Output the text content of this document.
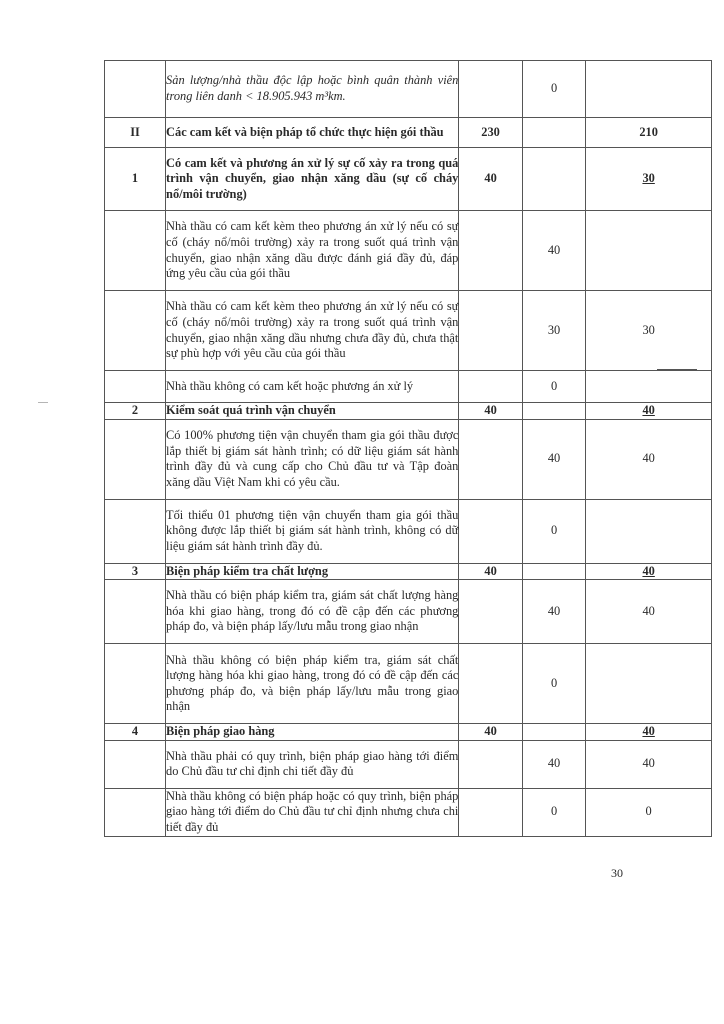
	Sản lượng/nhà thầu độc lập hoặc bình quân thành viên trong liên danh < 18.905.943 m³km.		0	
II	Các cam kết và biện pháp tổ chức thực hiện gói thầu	230		210
1	Có cam kết và phương án xử lý sự cố xảy ra trong quá trình vận chuyển, giao nhận xăng dầu (sự cố cháy nổ/môi trường)	40		30
	Nhà thầu có cam kết kèm theo phương án xử lý nếu có sự cố (cháy nổ/môi trường) xảy ra trong suốt quá trình vận chuyển, giao nhận xăng dầu được đánh giá đầy đủ, đáp ứng yêu cầu của gói thầu		40	
	Nhà thầu có cam kết kèm theo phương án xử lý nếu có sự cố (cháy nổ/môi trường) xảy ra trong suốt quá trình vận chuyển, giao nhận xăng dầu nhưng chưa đầy đủ, chưa thật sự phù hợp với yêu cầu của gói thầu		30	30
	Nhà thầu không có cam kết hoặc phương án xử lý		0	
2	Kiểm soát quá trình vận chuyển	40		40
	Có 100% phương tiện vận chuyển tham gia gói thầu được lắp thiết bị giám sát hành trình; có dữ liệu giám sát hành trình đầy đủ và cung cấp cho Chủ đầu tư và Tập đoàn xăng dầu Việt Nam khi có yêu cầu.		40	40
	Tối thiểu 01 phương tiện vận chuyển tham gia gói thầu không được lắp thiết bị giám sát hành trình, không có dữ liệu giám sát hành trình đầy đủ.		0	
3	Biện pháp kiểm tra chất lượng	40		40
	Nhà thầu có biện pháp kiểm tra, giám sát chất lượng hàng hóa khi giao hàng, trong đó có đề cập đến các phương pháp đo, và biện pháp lấy/lưu mẫu trong giao nhận		40	40
	Nhà thầu không có biện pháp kiểm tra, giám sát chất lượng hàng hóa khi giao hàng, trong đó có đề cập đến các phương pháp đo, và biện pháp lấy/lưu mẫu trong giao nhận		0	
4	Biện pháp giao hàng	40		40
	Nhà thầu phải có quy trình, biện pháp giao hàng tới điểm do Chủ đầu tư chỉ định chi tiết đầy đủ		40	40
	Nhà thầu không có biện pháp hoặc có quy trình, biện pháp giao hàng tới điểm do Chủ đầu tư chỉ định nhưng chưa chi tiết đầy đủ		0	0
30
